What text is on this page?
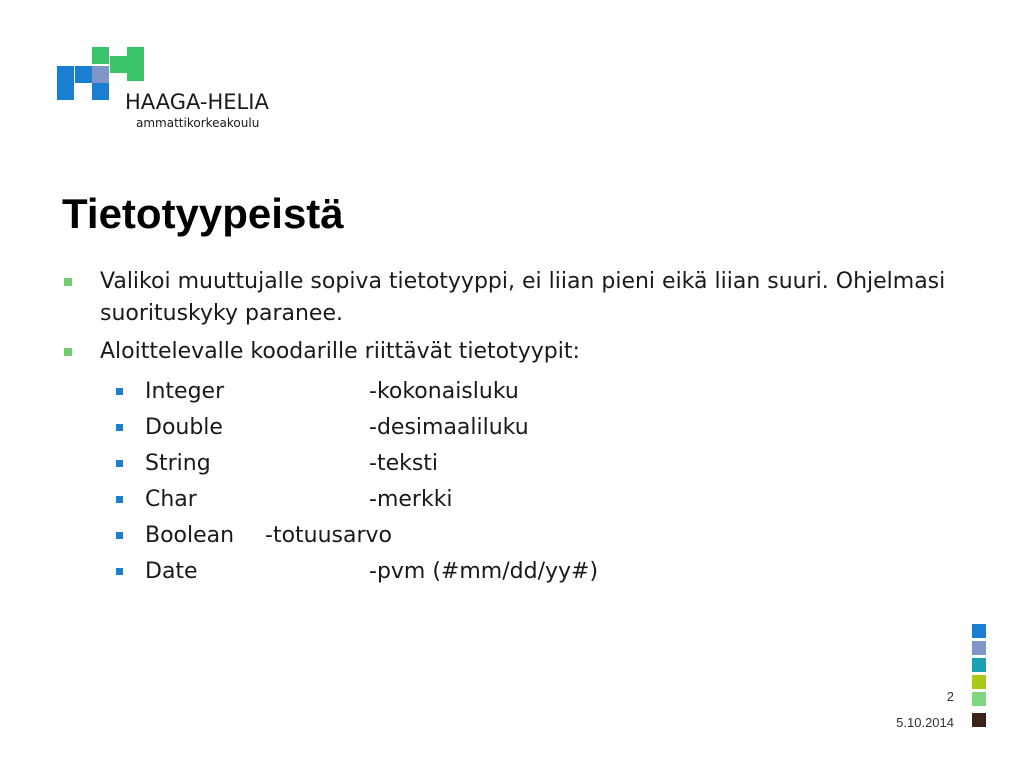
HAAGA-HELIA
ammattikorkeakoulu
Tietotyypeistä
Valikoi muuttujalle sopiva tietotyyppi, ei liian pieni eikä liian suuri. Ohjelmasi suorituskyky paranee.
Aloittelevalle koodarille riittävät tietotyypit:
Integer	-kokonaisluku
Double	-desimaaliluku
String	-teksti
Char	-merkki
Boolean -totuusarvo
Date	-pvm (#mm/dd/yy#)
2
5.10.2014
